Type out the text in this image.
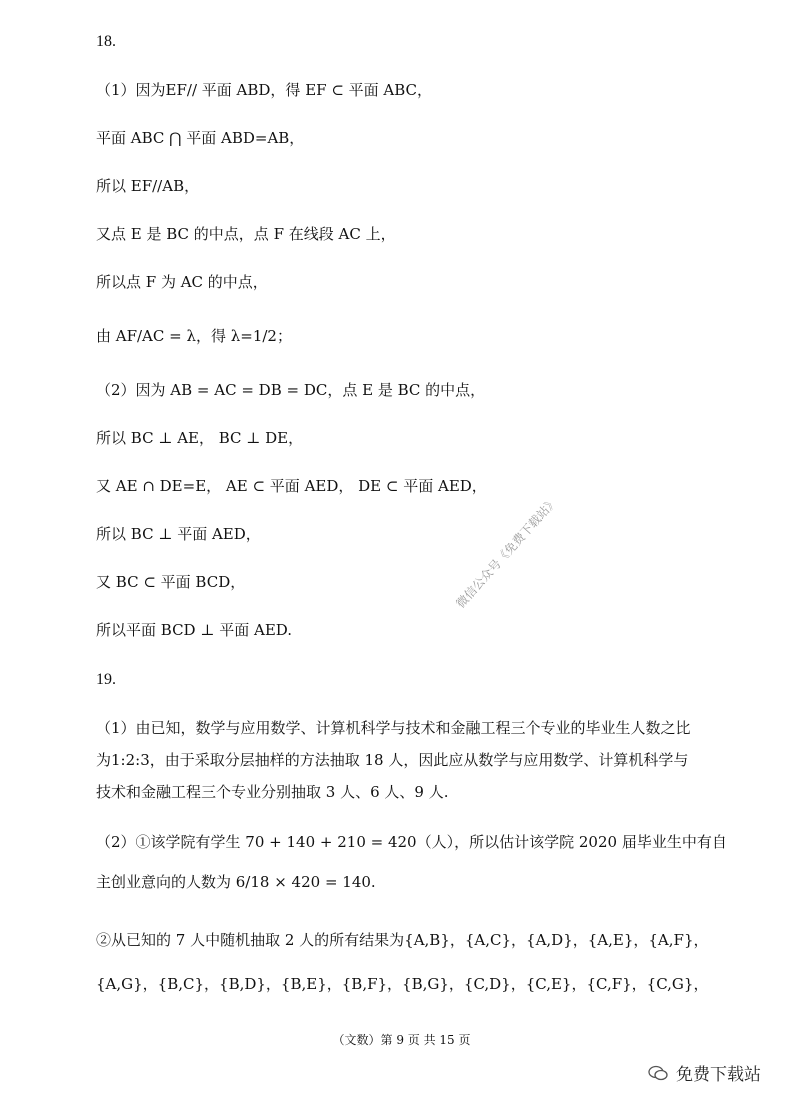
18.
（1）因为EF// 平面 ABD，得 EF ⊂ 平面 ABC，
平面 ABC ⋂ 平面 ABD=AB，
所以 EF//AB，
又点 E 是 BC 的中点，点 F 在线段 AC 上，
所以点 F 为 AC 的中点，
由 AF/AC = λ，得 λ=1/2；
（2）因为 AB = AC = DB = DC，点 E 是 BC 的中点，
所以 BC ⊥ AE， BC ⊥ DE，
又 AE ∩ DE=E， AE ⊂ 平面 AED， DE ⊂ 平面 AED，
所以 BC ⊥ 平面 AED，
又 BC ⊂ 平面 BCD，
所以平面 BCD ⊥ 平面 AED.
19.
（1）由已知，数学与应用数学、计算机科学与技术和金融工程三个专业的毕业生人数之比
为1:2:3，由于采取分层抽样的方法抽取 18 人，因此应从数学与应用数学、计算机科学与
技术和金融工程三个专业分别抽取 3 人、6 人、9 人.
（2）①该学院有学生 70 + 140 + 210 = 420（人），所以估计该学院 2020 届毕业生中有自
主创业意向的人数为 6/18 × 420 = 140.
②从已知的 7 人中随机抽取 2 人的所有结果为{A,B}，{A,C}，{A,D}，{A,E}，{A,F}，
{A,G}，{B,C}，{B,D}，{B,E}，{B,F}，{B,G}，{C,D}，{C,E}，{C,F}，{C,G}，
微信公众号《免费下载站》
（文数）第 9 页 共 15 页
免费下载站
